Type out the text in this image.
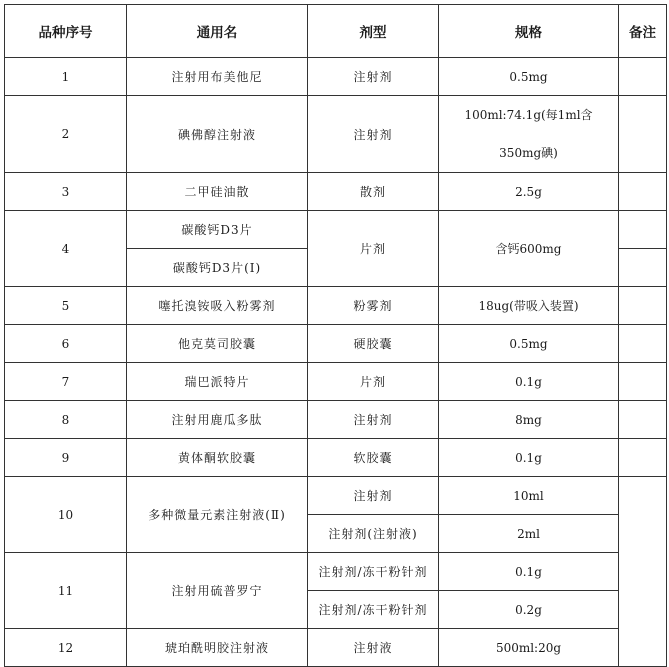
品种序号	通用名	剂型	规格	备注
1	注射用布美他尼	注射剂	0.5mg	
2	碘佛醇注射液	注射剂	100ml:74.1g(每1ml含
350mg碘)	

3	二甲硅油散	散剂	2.5g	
4	碳酸钙D3片	片剂	含钙600mg	
	碳酸钙D3片(Ⅰ)			
5	噻托溴铵吸入粉雾剂	粉雾剂	18ug(带吸入装置)	
6	他克莫司胶囊	硬胶囊	0.5mg	
7	瑞巴派特片	片剂	0.1g	
8	注射用鹿瓜多肽	注射剂	8mg	
9	黄体酮软胶囊	软胶囊	0.1g	
10	多种微量元素注射液(Ⅱ)	注射剂	10ml	
		注射剂(注射液)	2ml	
11	注射用硫普罗宁	注射剂/冻干粉针剂	0.1g	
		注射剂/冻干粉针剂	0.2g	
12	琥珀酰明胶注射液	注射液	500ml:20g	
